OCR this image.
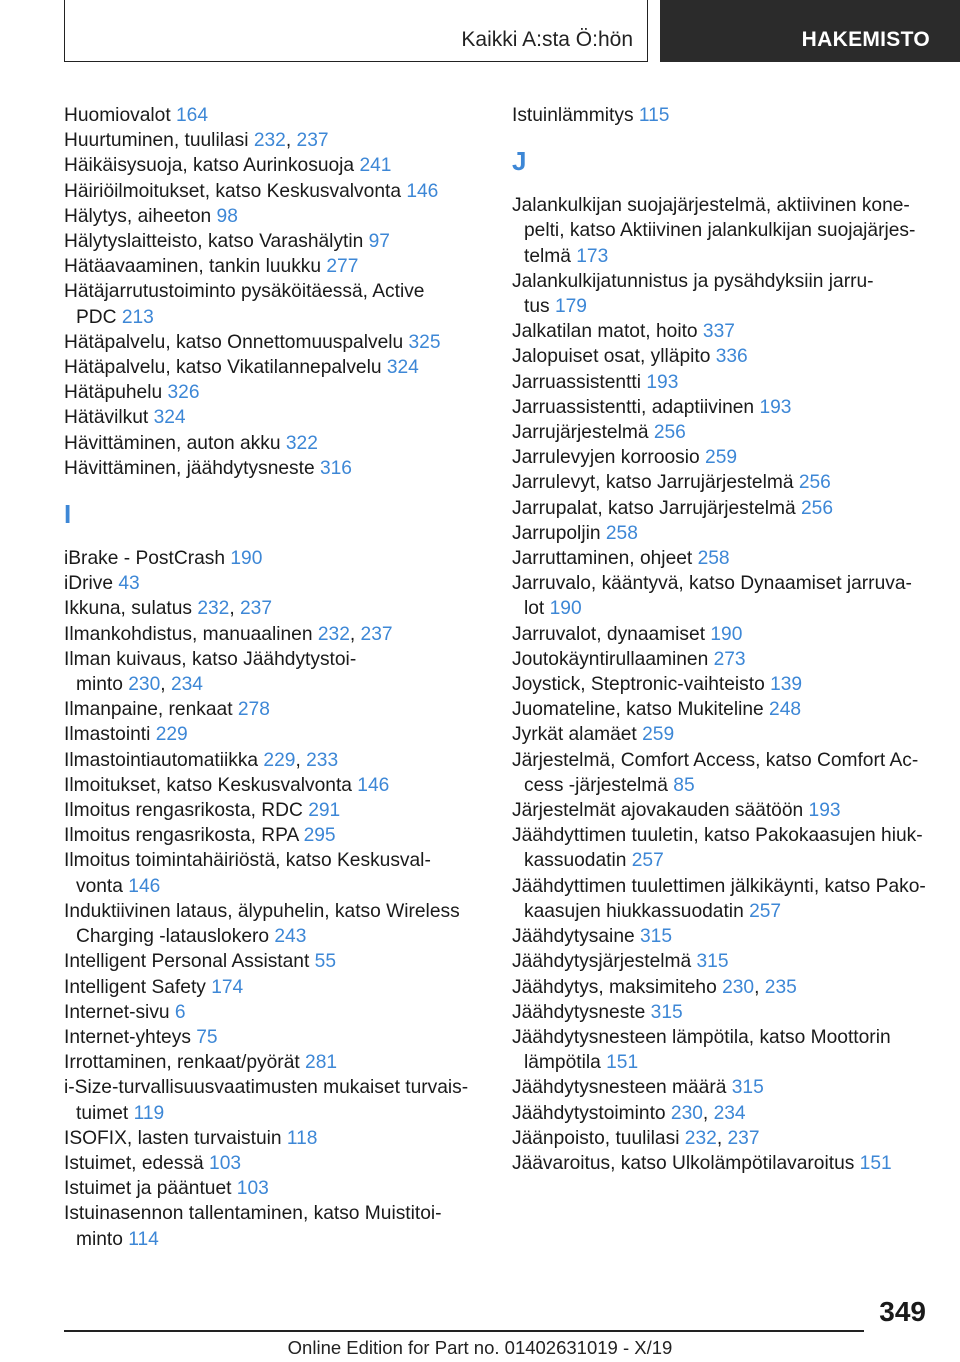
Kaikki A:sta Ö:hön	HAKEMISTO
Huomiovalot 164
Huurtuminen, tuulilasi 232, 237
Häikäisysuoja, katso Aurinkosuoja 241
Häiriöilmoitukset, katso Keskusvalvonta 146
Hälytys, aiheeton 98
Hälytyslaitteisto, katso Varashälytin 97
Hätäavaaminen, tankin luukku 277
Hätäjarrutustoiminto pysäköitäessä, Active
PDC 213
Hätäpalvelu, katso Onnettomuuspalvelu 325
Hätäpalvelu, katso Vikatilannepalvelu 324
Hätäpuhelu 326
Hätävilkut 324
Hävittäminen, auton akku 322
Hävittäminen, jäähdytysneste 316
I
iBrake - PostCrash 190
iDrive 43
Ikkuna, sulatus 232, 237
Ilmankohdistus, manuaalinen 232, 237
Ilman kuivaus, katso Jäähdytystoi-
minto 230, 234
Ilmanpaine, renkaat 278
Ilmastointi 229
Ilmastointiautomatiikka 229, 233
Ilmoitukset, katso Keskusvalvonta 146
Ilmoitus rengasrikosta, RDC 291
Ilmoitus rengasrikosta, RPA 295
Ilmoitus toimintahäiriöstä, katso Keskusval-
vonta 146
Induktiivinen lataus, älypuhelin, katso Wireless
Charging -latauslokero 243
Intelligent Personal Assistant 55
Intelligent Safety 174
Internet-sivu 6
Internet-yhteys 75
Irrottaminen, renkaat/pyörät 281
i-Size-turvallisuusvaatimusten mukaiset turvais-
tuimet 119
ISOFIX, lasten turvaistuin 118
Istuimet, edessä 103
Istuimet ja pääntuet 103
Istuinasennon tallentaminen, katso Muistitoi-
minto 114
Istuinlämmitys 115
J
Jalankulkijan suojajärjestelmä, aktiivinen kone-
pelti, katso Aktiivinen jalankulkijan suojajärjes-
telmä 173
Jalankulkijatunnistus ja pysähdyksiin jarru-
tus 179
Jalkatilan matot, hoito 337
Jalopuiset osat, ylläpito 336
Jarruassistentti 193
Jarruassistentti, adaptiivinen 193
Jarrujärjestelmä 256
Jarrulevyjen korroosio 259
Jarrulevyt, katso Jarrujärjestelmä 256
Jarrupalat, katso Jarrujärjestelmä 256
Jarrupoljin 258
Jarruttaminen, ohjeet 258
Jarruvalo, kääntyvä, katso Dynaamiset jarruva-
lot 190
Jarruvalot, dynaamiset 190
Joutokäyntirullaaminen 273
Joystick, Steptronic-vaihteisto 139
Juomateline, katso Mukiteline 248
Jyrkät alamäet 259
Järjestelmä, Comfort Access, katso Comfort Ac-
cess -järjestelmä 85
Järjestelmät ajovakauden säätöön 193
Jäähdyttimen tuuletin, katso Pakokaasujen hiuk-
kassuodatin 257
Jäähdyttimen tuulettimen jälkikäynti, katso Pako-
kaasujen hiukkassuodatin 257
Jäähdytysaine 315
Jäähdytysjärjestelmä 315
Jäähdytys, maksimiteho 230, 235
Jäähdytysneste 315
Jäähdytysnesteen lämpötila, katso Moottorin
lämpötila 151
Jäähdytysnesteen määrä 315
Jäähdytystoiminto 230, 234
Jäänpoisto, tuulilasi 232, 237
Jäävaroitus, katso Ulkolämpötilavaroitus 151
349
Online Edition for Part no. 01402631019 - X/19
